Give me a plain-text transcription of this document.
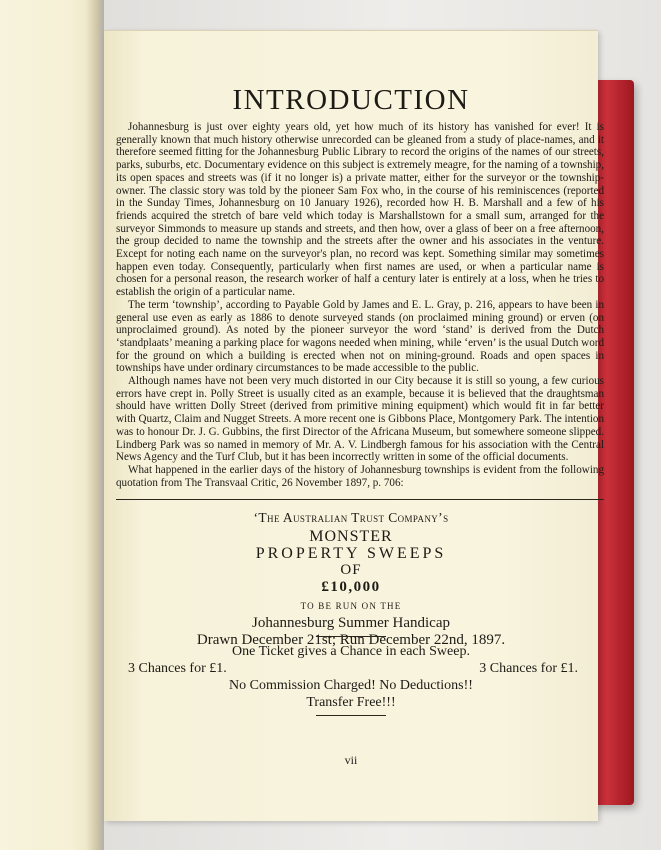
INTRODUCTION

Johannesburg is just over eighty years old, yet how much of its history has vanished for ever! It is generally known that much history otherwise unrecorded can be gleaned from a study of place-names, and it therefore seemed fitting for the Johannesburg Public Library to record the origins of the names of our streets, parks, suburbs, etc. Documentary evidence on this subject is extremely meagre, for the naming of a township, its open spaces and streets was (if it no longer is) a private matter, either for the surveyor or the township-owner. The classic story was told by the pioneer Sam Fox who, in the course of his reminiscences (reported in the Sunday Times, Johannesburg on 10 January 1926), recorded how H. B. Marshall and a few of his friends acquired the stretch of bare veld which today is Marshallstown for a small sum, arranged for the surveyor Simmonds to measure up stands and streets, and then how, over a glass of beer on a free afternoon, the group decided to name the township and the streets after the owner and his associates in the venture. Except for noting each name on the surveyor's plan, no record was kept. Something similar may sometimes happen even today. Consequently, particularly when first names are used, or when a particular name is chosen for a personal reason, the research worker of half a century later is entirely at a loss, when he tries to establish the origin of a particular name.

The term ‘township’, according to Payable Gold by James and E. L. Gray, p. 216, appears to have been in general use even as early as 1886 to denote surveyed stands (on proclaimed mining ground) or erven (on unproclaimed ground). As noted by the pioneer surveyor the word ‘stand’ is derived from the Dutch ‘standplaats’ meaning a parking place for wagons needed when mining, while ‘erven’ is the usual Dutch word for the ground on which a building is erected when not on mining-ground. Roads and open spaces in townships have under ordinary circumstances to be made accessible to the public.

Although names have not been very much distorted in our City because it is still so young, a few curious errors have crept in. Polly Street is usually cited as an example, because it is believed that the draughtsman should have written Dolly Street (derived from primitive mining equipment) which would fit in far better with Quartz, Claim and Nugget Streets. A more recent one is Gibbons Place, Montgomery Park. The intention was to honour Dr. J. G. Gubbins, the first Director of the Africana Museum, but somewhere someone slipped. Lindberg Park was so named in memory of Mr. A. V. Lindbergh famous for his association with the Central News Agency and the Turf Club, but it has been incorrectly written in some of the official documents.

What happened in the earlier days of the history of Johannesburg townships is evident from the following quotation from The Transvaal Critic, 26 November 1897, p. 706:

‘The Australian Trust Company’s
MONSTER
PROPERTY SWEEPS
OF
£10,000
TO BE RUN ON THE
Johannesburg Summer Handicap
Drawn December 21st; Run December 22nd, 1897.
One Ticket gives a Chance in each Sweep.
3 Chances for £1.	3 Chances for £1.
No Commission Charged! No Deductions!!
Transfer Free!!!
vii
